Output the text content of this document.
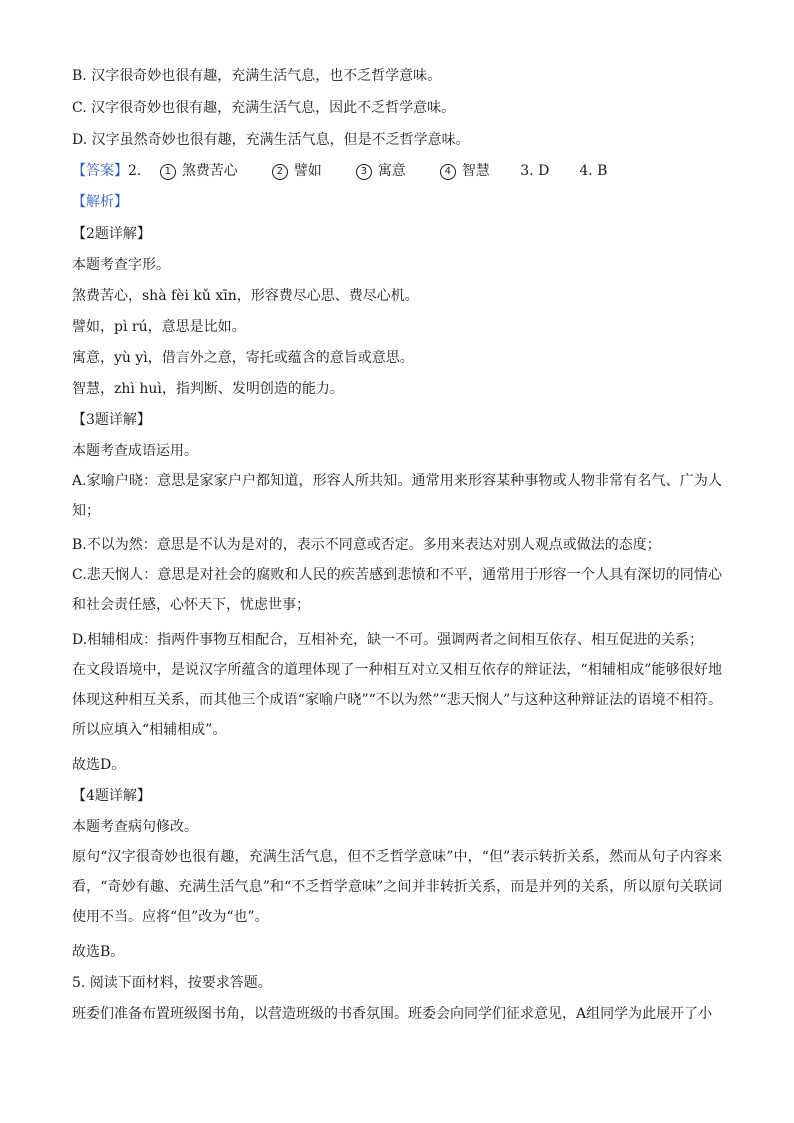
B. 汉字很奇妙也很有趣，充满生活气息，也不乏哲学意味。
C. 汉字很奇妙也很有趣，充满生活气息，因此不乏哲学意味。
D. 汉字虽然奇妙也很有趣，充满生活气息，但是不乏哲学意味。
【答案】2. 1 煞费苦心	2 譬如	3 寓意	4 智慧 3. D 4. B
【解析】
【2题详解】
本题考查字形。
煞费苦心，shà fèi kǔ xīn，形容费尽心思、费尽心机。
譬如，pì rú，意思是比如。
寓意，yù yì，借言外之意，寄托或蕴含的意旨或意思。
智慧，zhì huì，指判断、发明创造的能力。
【3题详解】
本题考查成语运用。
A.家喻户晓：意思是家家户户都知道，形容人所共知。通常用来形容某种事物或人物非常有名气、广为人知；
B.不以为然：意思是不认为是对的，表示不同意或否定。多用来表达对别人观点或做法的态度；
C.悲天悯人：意思是对社会的腐败和人民的疾苦感到悲愤和不平，通常用于形容一个人具有深切的同情心和社会责任感，心怀天下，忧虑世事；
D.相辅相成：指两件事物互相配合，互相补充，缺一不可。强调两者之间相互依存、相互促进的关系；
在文段语境中，是说汉字所蕴含的道理体现了一种相互对立又相互依存的辩证法，“相辅相成”能够很好地体现这种相互关系，而其他三个成语“家喻户晓”“不以为然”“悲天悯人”与这种这种辩证法的语境不相符。所以应填入“相辅相成”。
故选D。
【4题详解】
本题考查病句修改。
原句“汉字很奇妙也很有趣，充满生活气息，但不乏哲学意味”中，“但”表示转折关系，然而从句子内容来看，“奇妙有趣、充满生活气息”和“不乏哲学意味”之间并非转折关系，而是并列的关系，所以原句关联词使用不当。应将“但”改为“也”。
故选B。
5. 阅读下面材料，按要求答题。
班委们准备布置班级图书角，以营造班级的书香氛围。班委会向同学们征求意见，A组同学为此展开了小
